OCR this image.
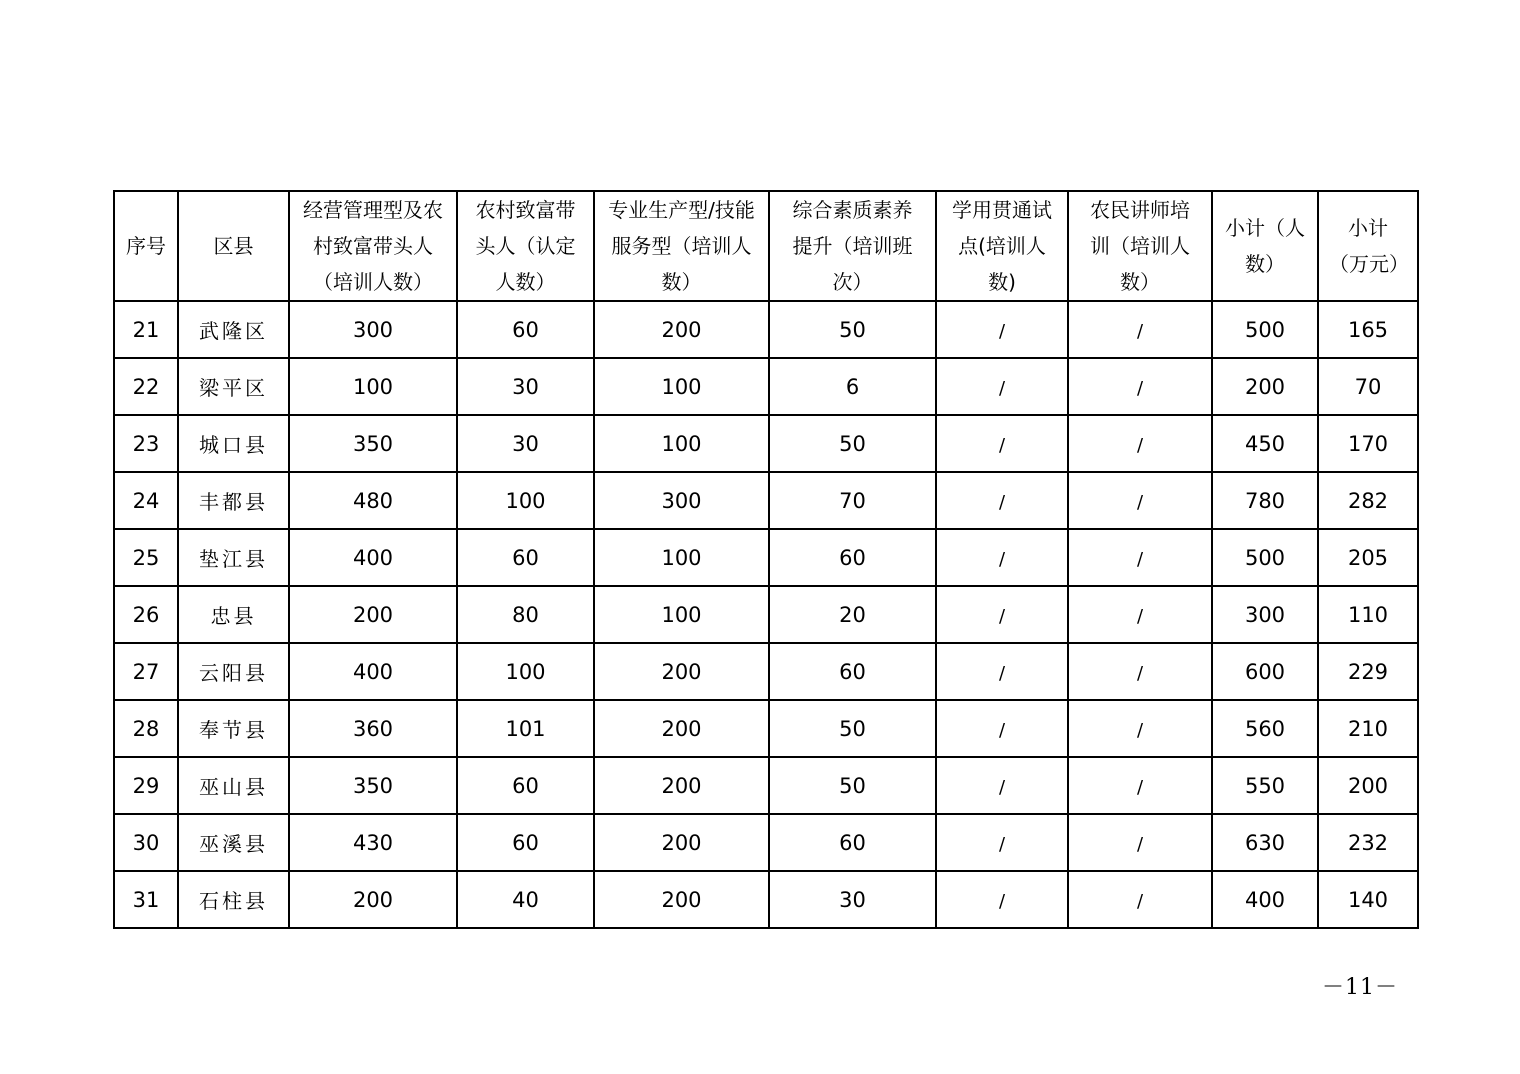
序号	区县	经营管理型及农村致富带头人（培训人数）	农村致富带头人（认定人数）	专业生产型/技能服务型（培训人数）	综合素质素养提升（培训班次）	学用贯通试点(培训人数)	农民讲师培训（培训人数）	小计（人数）	小计（万元）
21	武隆区	300	60	200	50	/	/	500	165
22	梁平区	100	30	100	6	/	/	200	70
23	城口县	350	30	100	50	/	/	450	170
24	丰都县	480	100	300	70	/	/	780	282
25	垫江县	400	60	100	60	/	/	500	205
26	忠县	200	80	100	20	/	/	300	110
27	云阳县	400	100	200	60	/	/	600	229
28	奉节县	360	101	200	50	/	/	560	210
29	巫山县	350	60	200	50	/	/	550	200
30	巫溪县	430	60	200	60	/	/	630	232
31	石柱县	200	40	200	30	/	/	400	140
－11－
